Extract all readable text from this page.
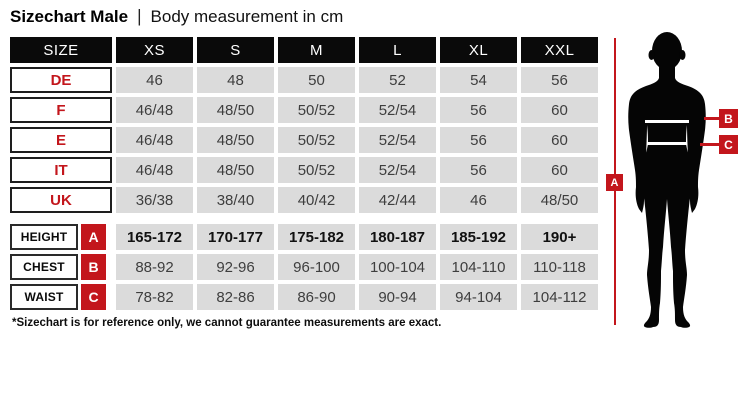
Sizechart Male | Body measurement in cm
SIZE	XS	S	M	L	XL	XXL
DE	46	48	50	52	54	56
F	46/48	48/50	50/52	52/54	56	60
E	46/48	48/50	50/52	52/54	56	60
IT	46/48	48/50	50/52	52/54	56	60
UK	36/38	38/40	40/42	42/44	46	48/50
HEIGHT	A	165-172	170-177	175-182	180-187	185-192	190+
CHEST	B	88-92	92-96	96-100	100-104	104-110	110-118
WAIST	C	78-82	82-86	86-90	90-94	94-104	104-112
*Sizechart is for reference only, we cannot guarantee measurements are exact.
A
B
C
